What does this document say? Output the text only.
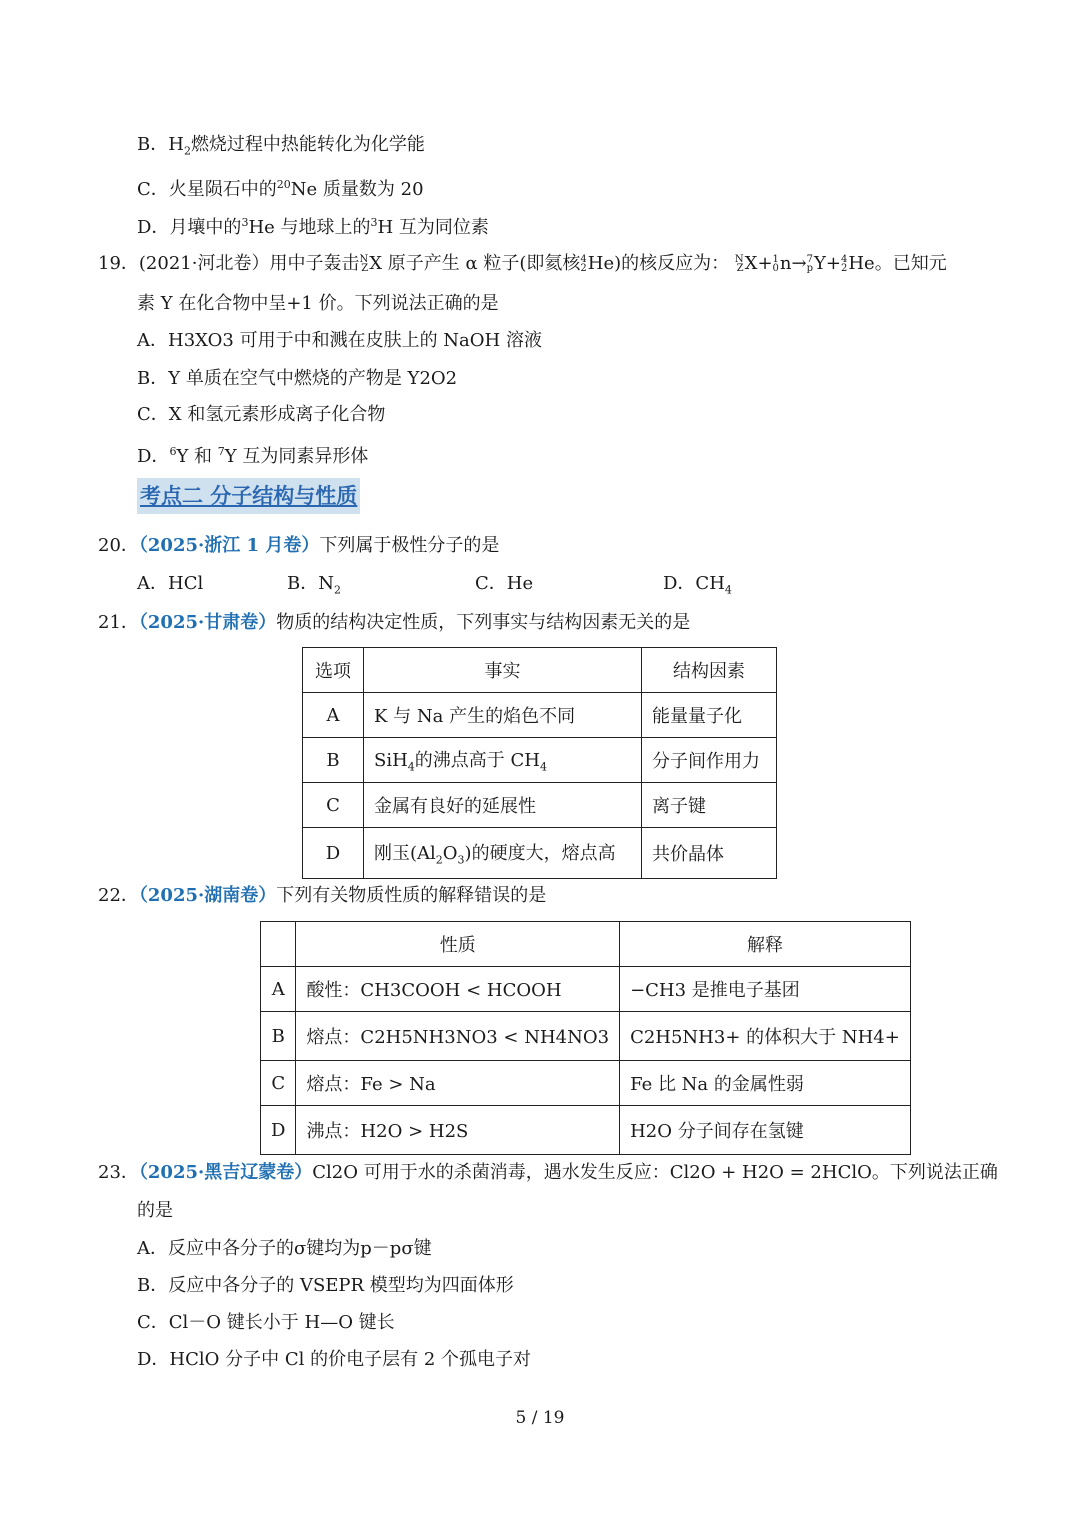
B．$H_2$燃烧过程中热能转化为化学能
C．火星陨石中的$^{20}$Ne 质量数为 20
D．月壤中的$^3$He 与地球上的$^3$H 互为同位素
19．(2021·河北卷）用中子轰击 N
Z X 原子产生 α 粒子(即氦核 4
2 He)的核反应为： N
Z X+ 1
0 n→ 7
p Y+ 4
2 He。已知元
素 Y 在化合物中呈+1 价。下列说法正确的是
A．H3XO3 可用于中和溅在皮肤上的 NaOH 溶液
B．Y 单质在空气中燃烧的产物是 Y2O2
C．X 和氢元素形成离子化合物
D．$^6$Y 和 $^7$Y 互为同素异形体
考点二 分子结构与性质
20．（2025·浙江 1 月卷）下列属于极性分子的是
A．HCl	B．$N_2$	C．He	D．$CH_4$
21．（2025·甘肃卷）物质的结构决定性质，下列事实与结构因素无关的是
选项	事实	结构因素
A	K 与 Na 产生的焰色不同	能量量子化
B	SiH$_4$的沸点高于 $CH_4$	分子间作用力
C	金属有良好的延展性	离子键
D	刚玉$(Al_2O_3)$的硬度大，熔点高	共价晶体
22．（2025·湖南卷）下列有关物质性质的解释错误的是
	性质	解释
A	酸性：CH3COOH < HCOOH	−CH3 是推电子基团
B	熔点：C2H5NH3NO3 < NH4NO3	C2H5NH3+ 的体积大于 NH4+
C	熔点：Fe > Na	Fe 比 Na 的金属性弱
D	沸点：H2O > H2S	H2O 分子间存在氢键
23．（2025·黑吉辽蒙卷）Cl2O 可用于水的杀菌消毒，遇水发生反应：Cl2O + H2O = 2HClO。下列说法正确
的是
A．反应中各分子的σ键均为p－pσ键
B．反应中各分子的 VSEPR 模型均为四面体形
C．Cl－O 键长小于 H—O 键长
D．HClO 分子中 Cl 的价电子层有 2 个孤电子对
5 / 19
